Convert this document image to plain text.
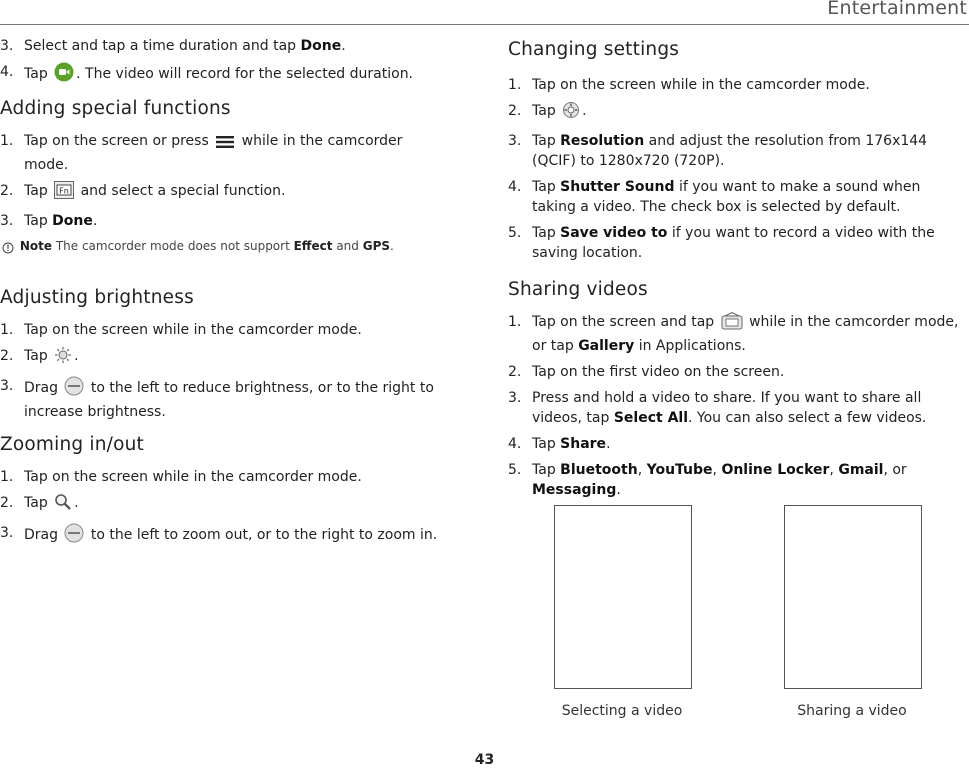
Entertainment

3. Select and tap a time duration and tap Done.

4. Tap . The video will record for the selected duration.

Adding special functions

1. Tap on the screen or press  while in the camcorder mode.

2. Tap Fn and select a special function.

3. Tap Done.

Note The camcorder mode does not support Effect and GPS.

Adjusting brightness

1. Tap on the screen while in the camcorder mode.

2. Tap .

3. Drag  to the left to reduce brightness, or to the right to increase brightness.

Zooming in/out

1. Tap on the screen while in the camcorder mode.

2. Tap .

3. Drag  to the left to zoom out, or to the right to zoom in.

Changing settings

1. Tap on the screen while in the camcorder mode.

2. Tap .

3. Tap Resolution and adjust the resolution from 176x144 (QCIF) to 1280x720 (720P).

4. Tap Shutter Sound if you want to make a sound when taking a video. The check box is selected by default.

5. Tap Save video to if you want to record a video with the saving location.

Sharing videos

1. Tap on the screen and tap  while in the camcorder mode, or tap Gallery in Applications.

2. Tap on the first video on the screen.

3. Press and hold a video to share. If you want to share all videos, tap Select All. You can also select a few videos.

4. Tap Share.

5. Tap Bluetooth, YouTube, Online Locker, Gmail, or Messaging.

Selecting a video	Sharing a video
43
